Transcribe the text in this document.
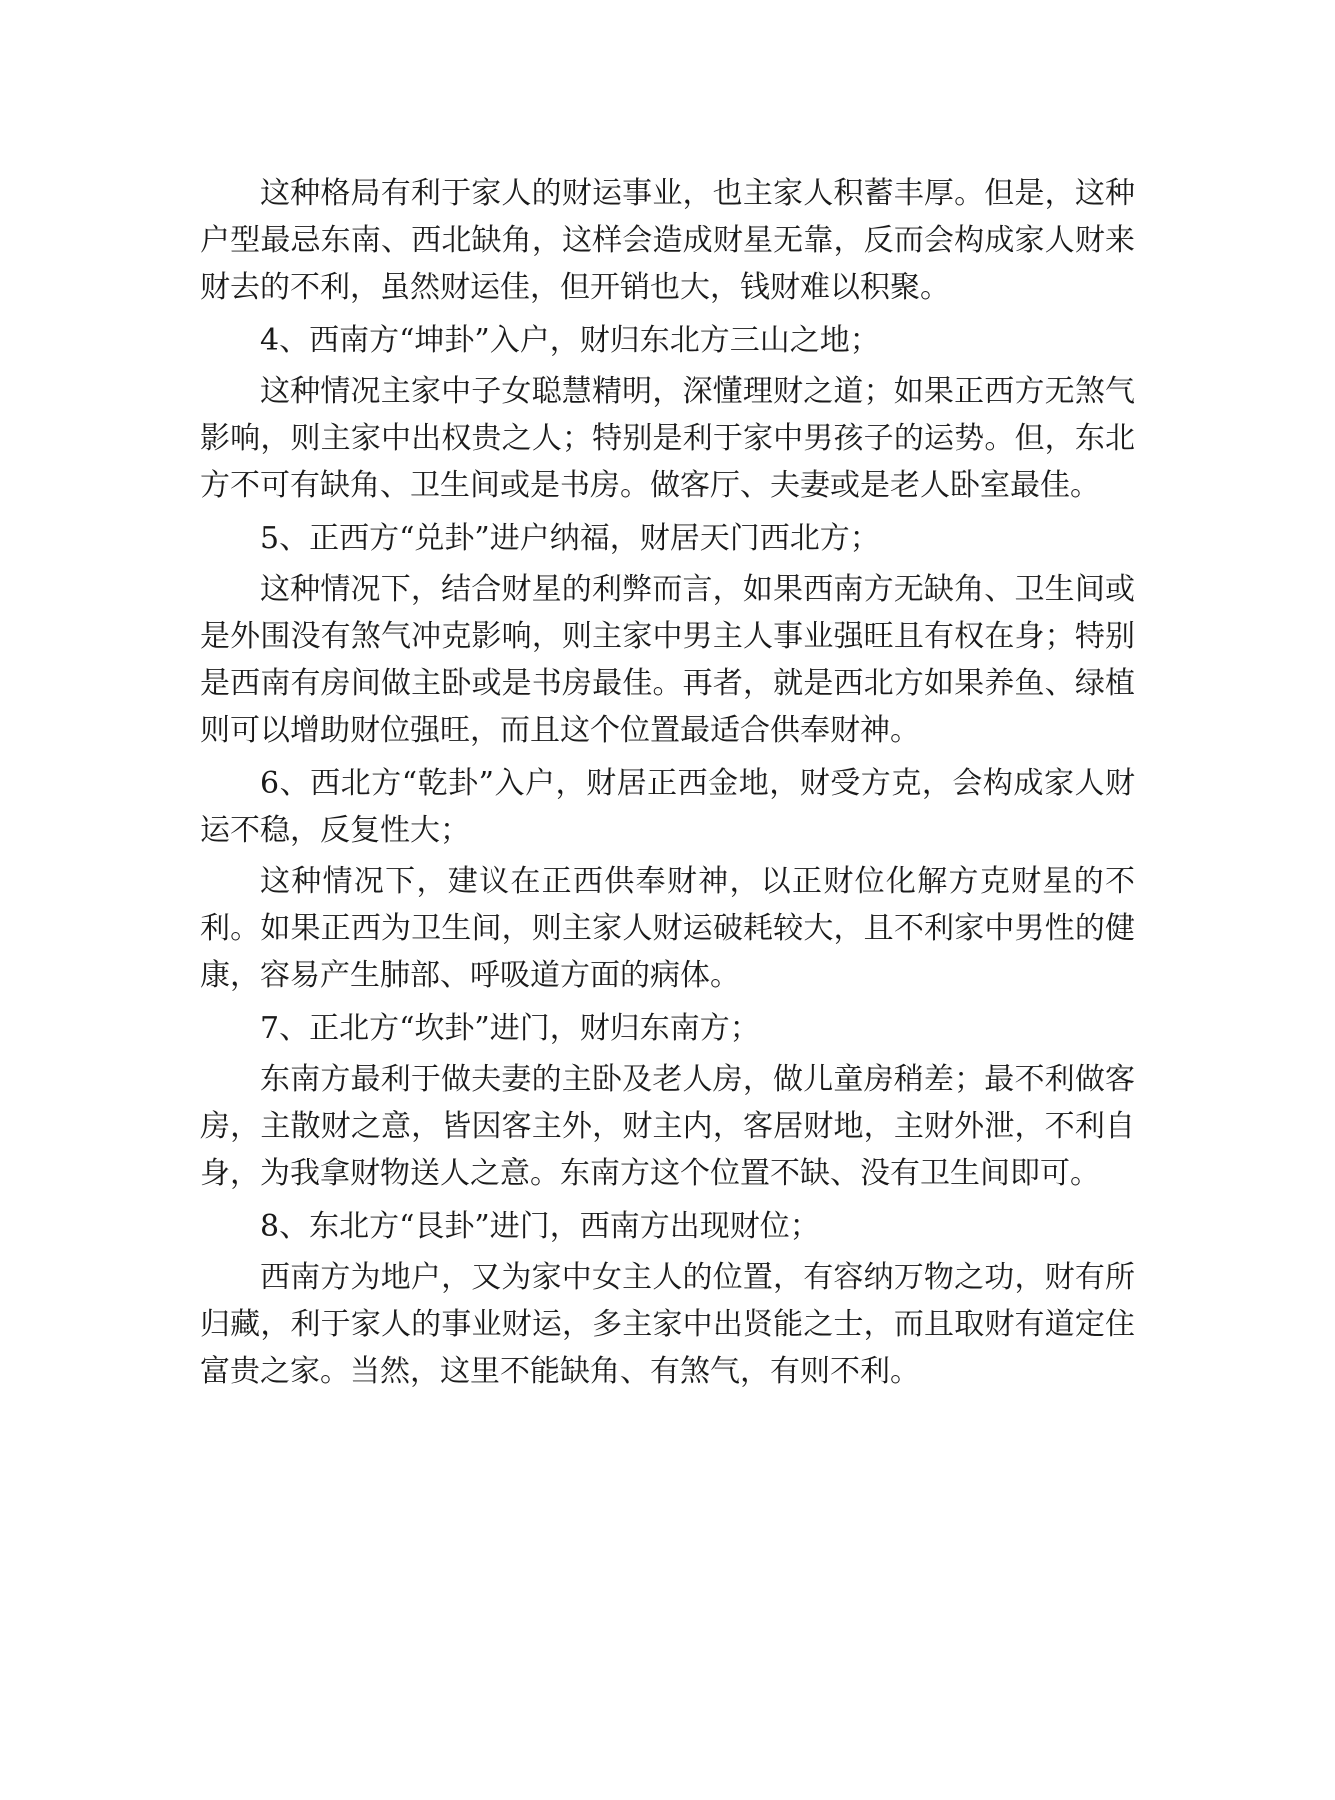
这种格局有利于家人的财运事业，也主家人积蓄丰厚。但是，这种户型最忌东南、西北缺角，这样会造成财星无靠，反而会构成家人财来财去的不利，虽然财运佳，但开销也大，钱财难以积聚。

4、西南方“坤卦”入户，财归东北方三山之地；

这种情况主家中子女聪慧精明，深懂理财之道；如果正西方无煞气影响，则主家中出权贵之人；特别是利于家中男孩子的运势。但，东北方不可有缺角、卫生间或是书房。做客厅、夫妻或是老人卧室最佳。

5、正西方“兑卦”进户纳福，财居天门西北方；

这种情况下，结合财星的利弊而言，如果西南方无缺角、卫生间或是外围没有煞气冲克影响，则主家中男主人事业强旺且有权在身；特别是西南有房间做主卧或是书房最佳。再者，就是西北方如果养鱼、绿植则可以增助财位强旺，而且这个位置最适合供奉财神。

6、西北方“乾卦”入户，财居正西金地，财受方克，会构成家人财运不稳，反复性大；

这种情况下，建议在正西供奉财神，以正财位化解方克财星的不利。如果正西为卫生间，则主家人财运破耗较大，且不利家中男性的健康，容易产生肺部、呼吸道方面的病体。

7、正北方“坎卦”进门，财归东南方；

东南方最利于做夫妻的主卧及老人房，做儿童房稍差；最不利做客房，主散财之意，皆因客主外，财主内，客居财地，主财外泄，不利自身，为我拿财物送人之意。东南方这个位置不缺、没有卫生间即可。

8、东北方“艮卦”进门，西南方出现财位；

西南方为地户，又为家中女主人的位置，有容纳万物之功，财有所归藏，利于家人的事业财运，多主家中出贤能之士，而且取财有道定住富贵之家。当然，这里不能缺角、有煞气，有则不利。
